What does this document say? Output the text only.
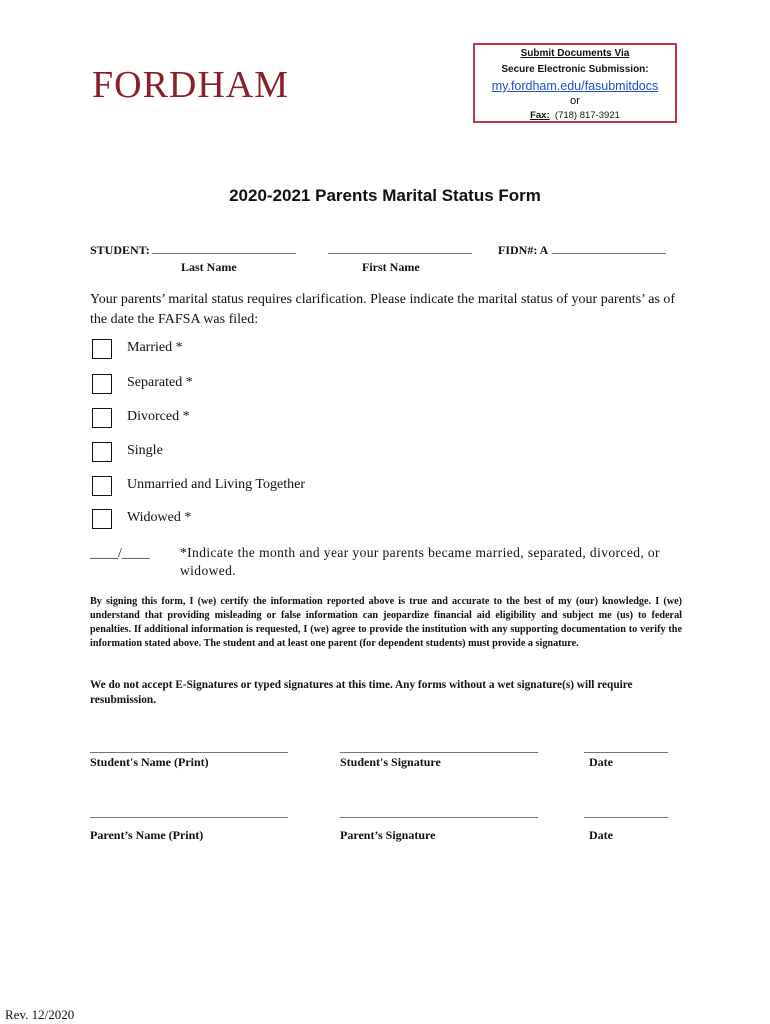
FORDHAM
Submit Documents Via
Secure Electronic Submission:
my.fordham.edu/fasubmitdocs
or
Fax: (718) 817-3921
2020-2021 Parents Marital Status Form
STUDENT: ________________________	________________________ FIDN#: A ___________________
Last Name	First Name
Your parents’ marital status requires clarification. Please indicate the marital status of your parents’ as of the date the FAFSA was filed:
Married *
Separated *
Divorced *
Single
Unmarried and Living Together
Widowed *
____/____ *Indicate the month and year your parents became married, separated, divorced, or widowed.
By signing this form, I (we) certify the information reported above is true and accurate to the best of my (our) knowledge. I (we) understand that providing misleading or false information can jeopardize financial aid eligibility and subject me (us) to federal penalties. If additional information is requested, I (we) agree to provide the institution with any supporting documentation to verify the information stated above. The student and at least one parent (for dependent students) must provide a signature.
We do not accept E-Signatures or typed signatures at this time. Any forms without a wet signature(s) will require resubmission.
_________________________________	_________________________________	______________
Student's Name (Print)	Student's Signature	Date
_________________________________	_________________________________	______________
Parent’s Name (Print)	Parent’s Signature	Date
Rev. 12/2020
